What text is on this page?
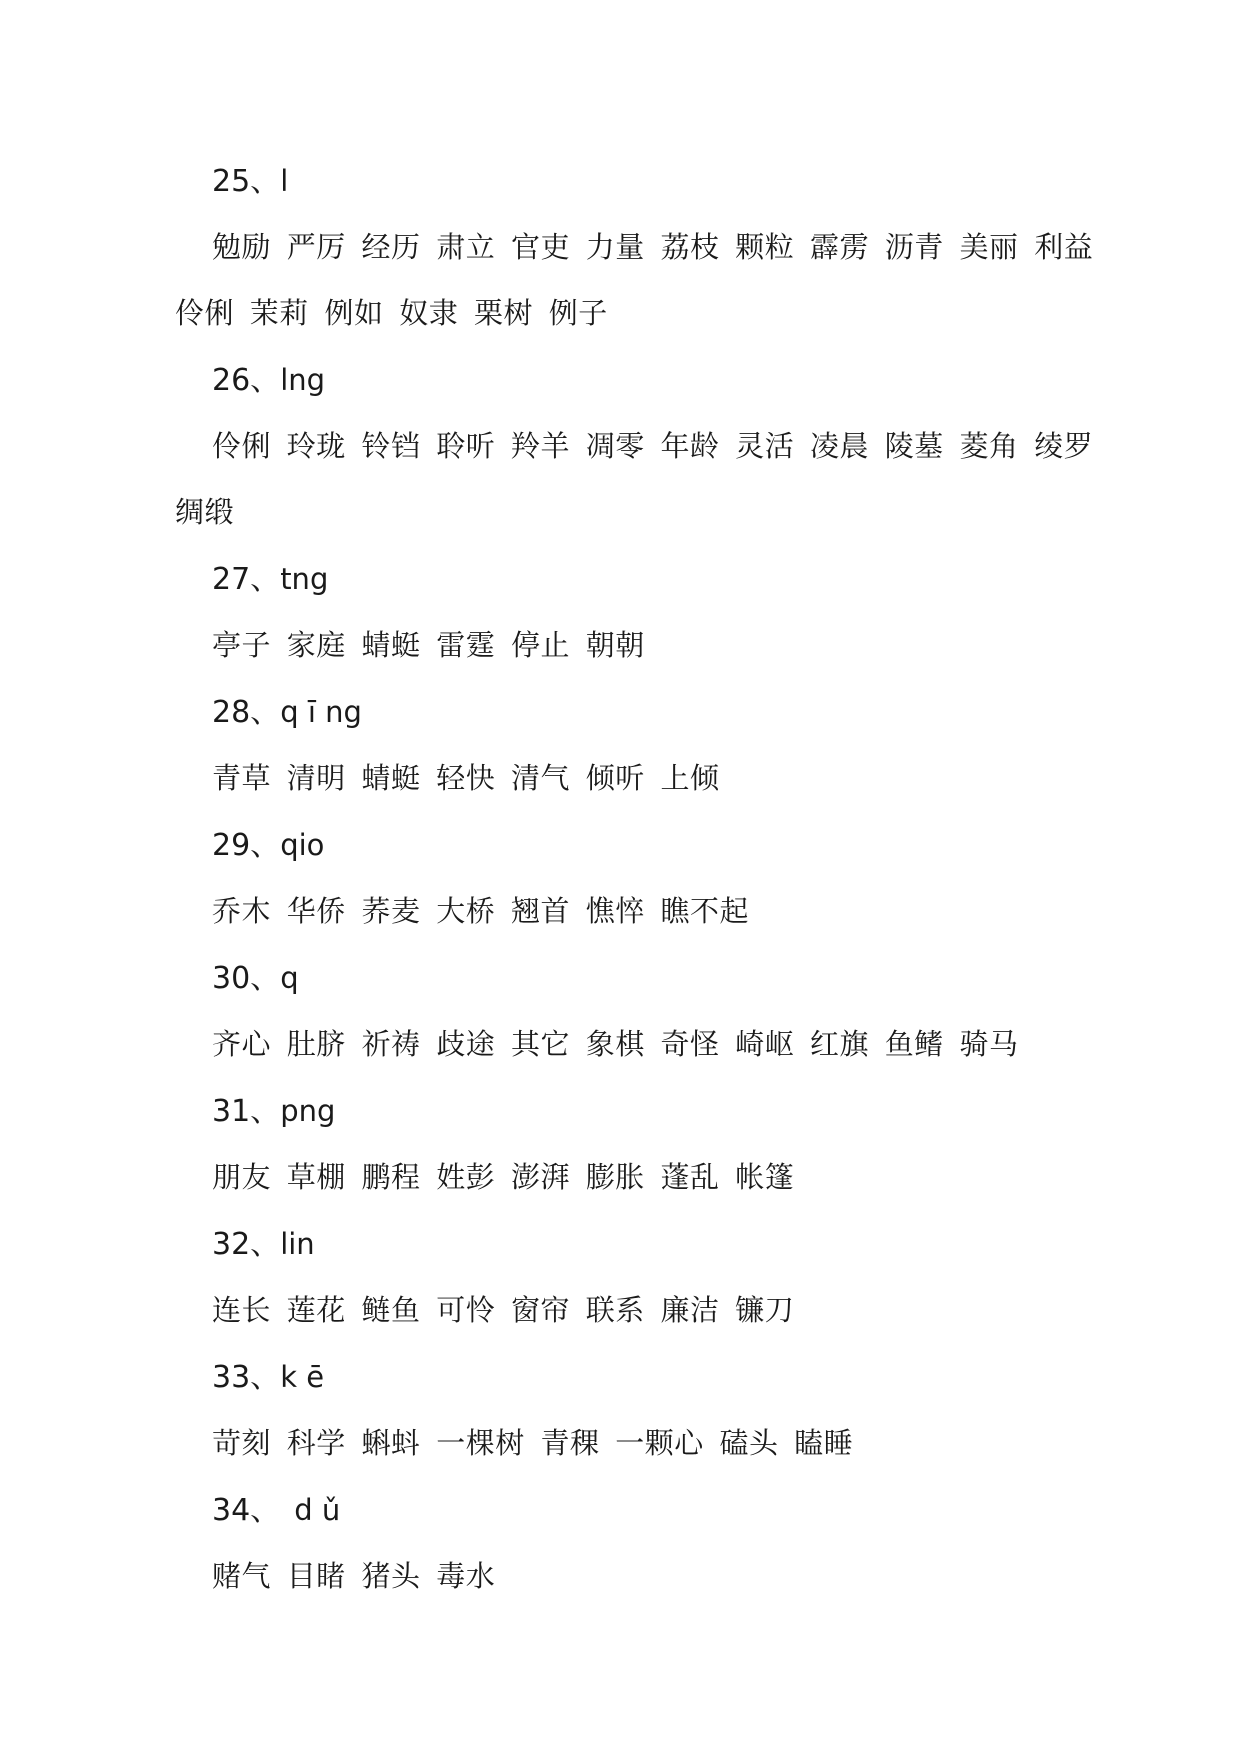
25、l

勉励 严厉 经历 肃立 官吏 力量 荔枝 颗粒 霹雳 沥青 美丽 利益
伶俐 茉莉 例如 奴隶 栗树 例子

26、lng

伶俐 玲珑 铃铛 聆听 羚羊 凋零 年龄 灵活 凌晨 陵墓 菱角 绫罗
绸缎

27、tng

亭子 家庭 蜻蜓 雷霆 停止 朝朝

28、q ī ng

青草 清明 蜻蜓 轻快 清气 倾听 上倾

29、qio

乔木 华侨 荞麦 大桥 翘首 憔悴 瞧不起

30、q

齐心 肚脐 祈祷 歧途 其它 象棋 奇怪 崎岖 红旗 鱼鳍 骑马

31、png

朋友 草棚 鹏程 姓彭 澎湃 膨胀 蓬乱 帐篷

32、lin

连长 莲花 鲢鱼 可怜 窗帘 联系 廉洁 镰刀

33、k ē

苛刻 科学 蝌蚪 一棵树 青稞 一颗心 磕头 瞌睡

34、　d ǔ

赌气 目睹 猪头 毒水
